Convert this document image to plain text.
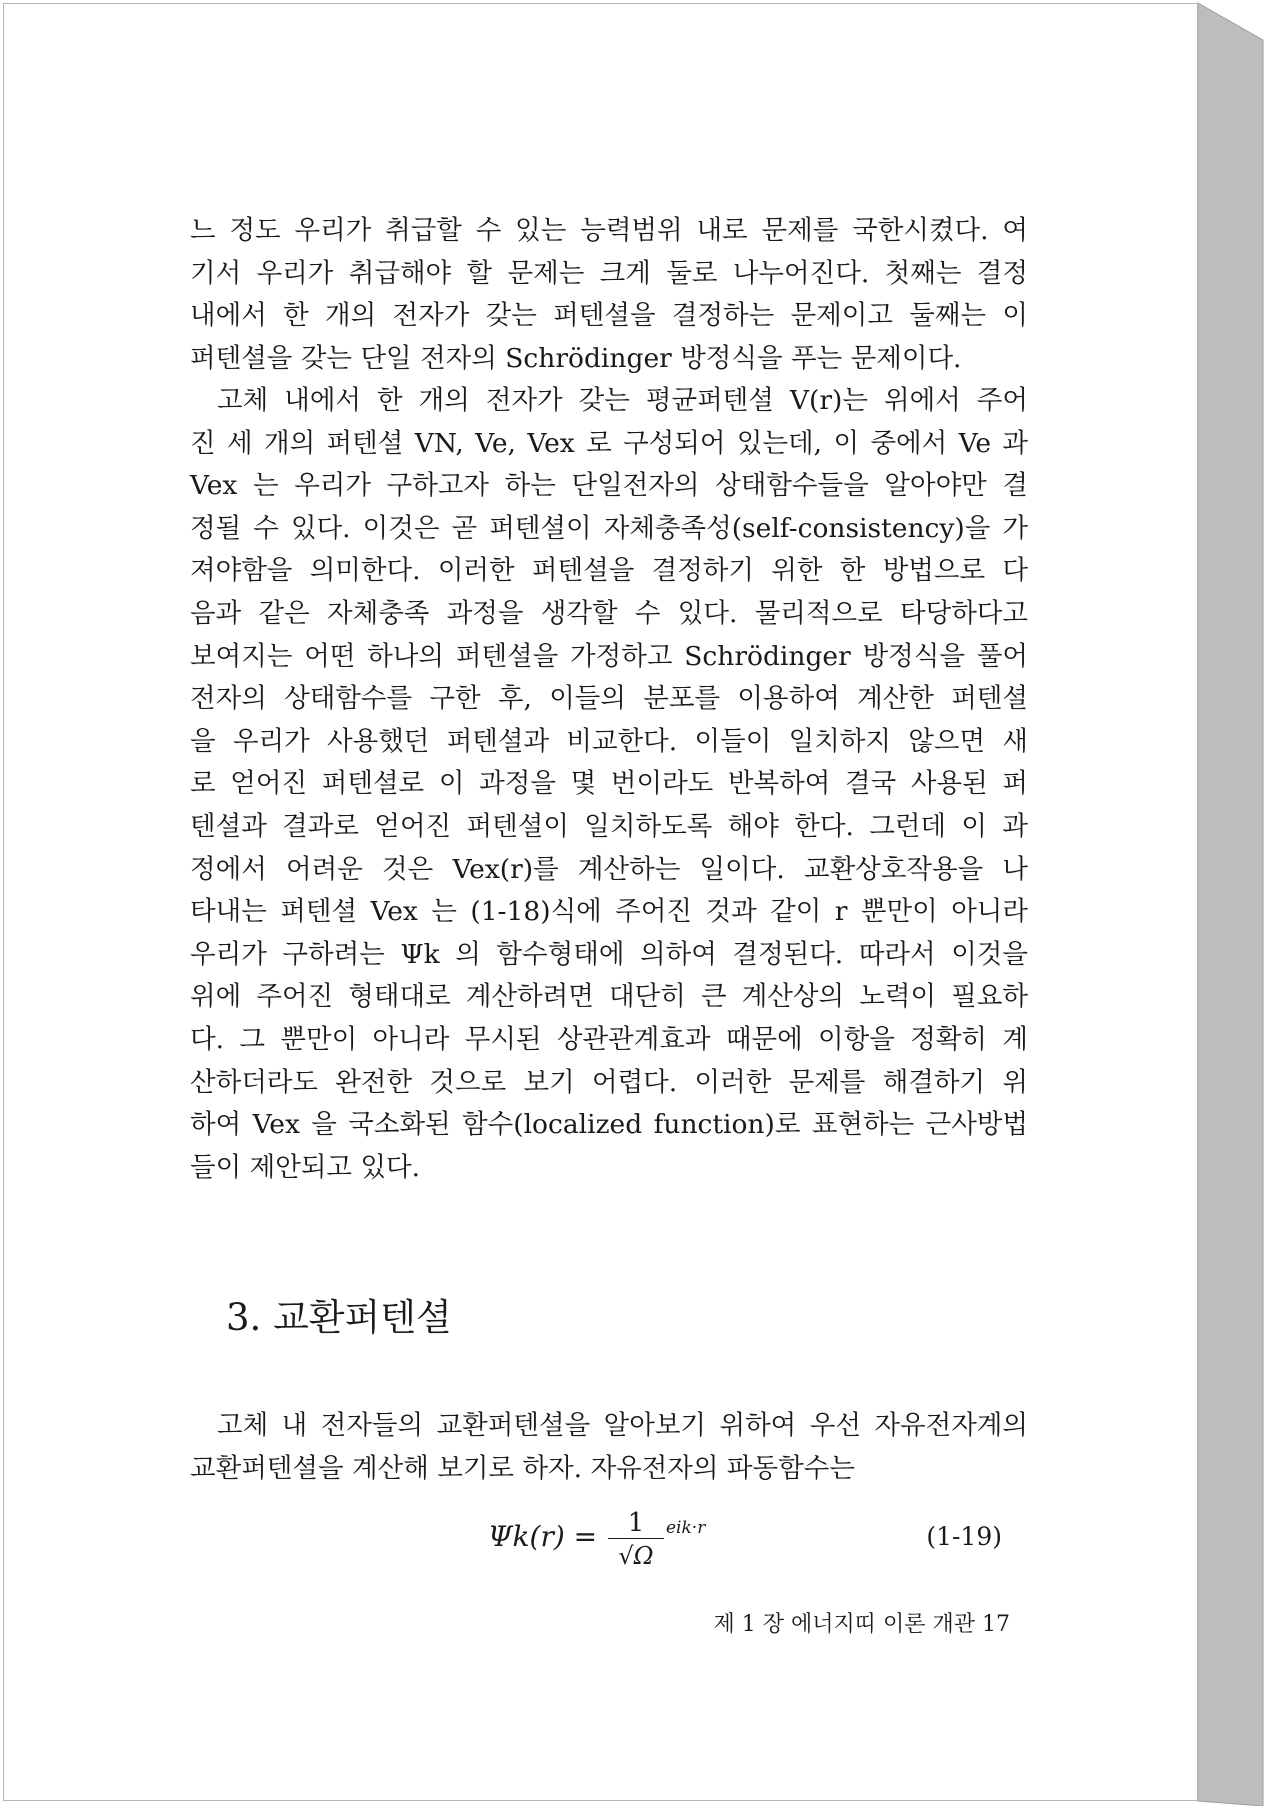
느 정도 우리가 취급할 수 있는 능력범위 내로 문제를 국한시켰다. 여
기서 우리가 취급해야 할 문제는 크게 둘로 나누어진다. 첫째는 결정
내에서 한 개의 전자가 갖는 퍼텐셜을 결정하는 문제이고 둘째는 이
퍼텐셜을 갖는 단일 전자의 Schrödinger 방정식을 푸는 문제이다.
고체 내에서 한 개의 전자가 갖는 평균퍼텐셜 V(r)는 위에서 주어
진 세 개의 퍼텐셜 VN, Ve, Vex 로 구성되어 있는데, 이 중에서 Ve 과
Vex 는 우리가 구하고자 하는 단일전자의 상태함수들을 알아야만 결
정될 수 있다. 이것은 곧 퍼텐셜이 자체충족성(self-consistency)을 가
져야함을 의미한다. 이러한 퍼텐셜을 결정하기 위한 한 방법으로 다
음과 같은 자체충족 과정을 생각할 수 있다. 물리적으로 타당하다고
보여지는 어떤 하나의 퍼텐셜을 가정하고 Schrödinger 방정식을 풀어
전자의 상태함수를 구한 후, 이들의 분포를 이용하여 계산한 퍼텐셜
을 우리가 사용했던 퍼텐셜과 비교한다. 이들이 일치하지 않으면 새
로 얻어진 퍼텐셜로 이 과정을 몇 번이라도 반복하여 결국 사용된 퍼
텐셜과 결과로 얻어진 퍼텐셜이 일치하도록 해야 한다. 그런데 이 과
정에서 어려운 것은 Vex(r)를 계산하는 일이다. 교환상호작용을 나
타내는 퍼텐셜 Vex 는 (1-18)식에 주어진 것과 같이 r 뿐만이 아니라
우리가 구하려는 Ψk 의 함수형태에 의하여 결정된다. 따라서 이것을
위에 주어진 형태대로 계산하려면 대단히 큰 계산상의 노력이 필요하
다. 그 뿐만이 아니라 무시된 상관관계효과 때문에 이항을 정확히 계
산하더라도 완전한 것으로 보기 어렵다. 이러한 문제를 해결하기 위
하여 Vex 을 국소화된 함수(localized function)로 표현하는 근사방법
들이 제안되고 있다.
3. 교환퍼텐셜
고체 내 전자들의 교환퍼텐셜을 알아보기 위하여 우선 자유전자계의
교환퍼텐셜을 계산해 보기로 하자. 자유전자의 파동함수는
$\Psi k(r) = \frac{1}{√\Omega} eik\cdot r$	(1-19)
제 1 장 에너지띠 이론 개관 17
